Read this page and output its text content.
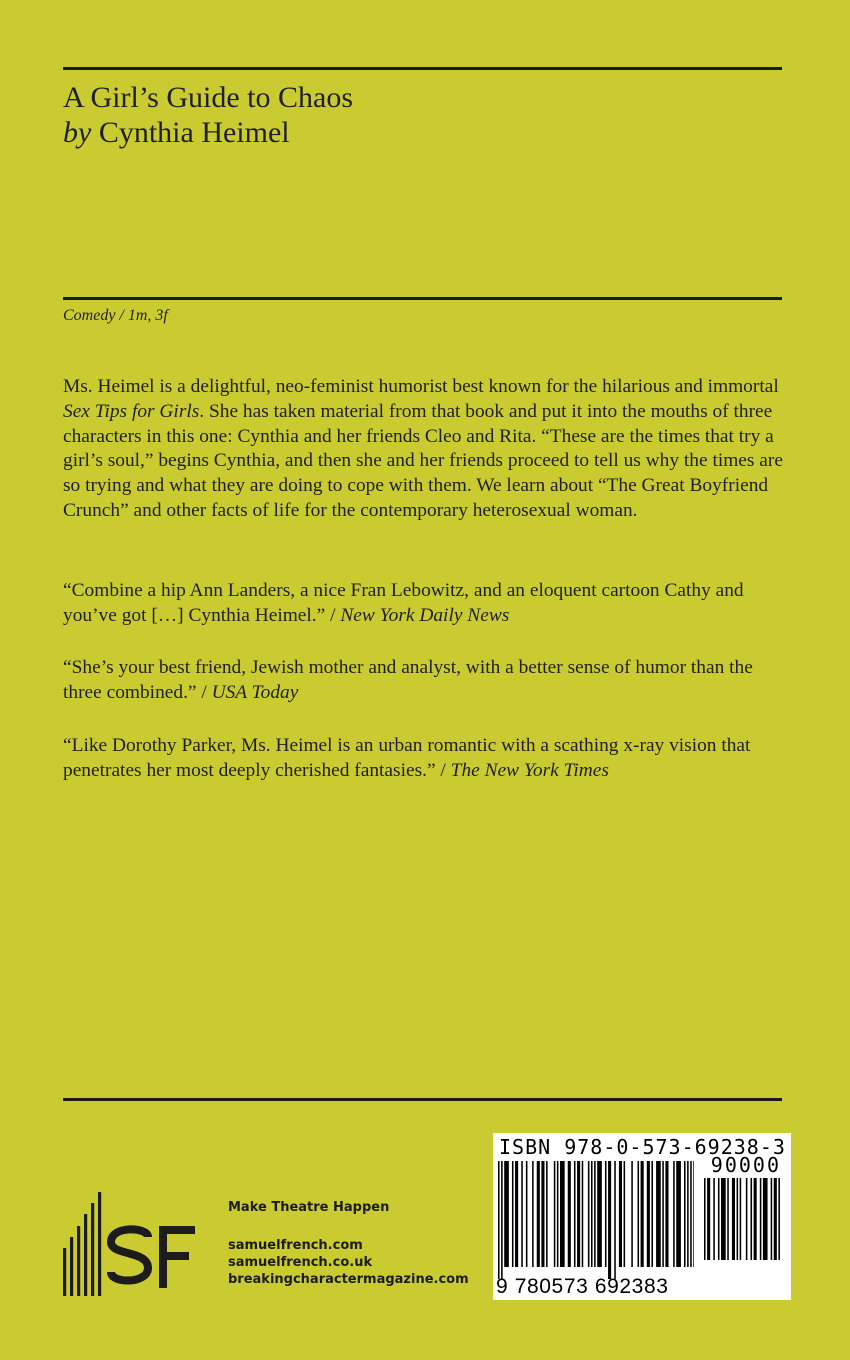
A Girl’s Guide to Chaos
by Cynthia Heimel
Comedy / 1m, 3f

Ms. Heimel is a delightful, neo-feminist humorist best known for the hilarious and immortal Sex Tips for Girls. She has taken material from that book and put it into the mouths of three characters in this one: Cynthia and her friends Cleo and Rita. “These are the times that try a girl’s soul,” begins Cynthia, and then she and her friends proceed to tell us why the times are so trying and what they are doing to cope with them. We learn about “The Great Boyfriend Crunch” and other facts of life for the contemporary heterosexual woman.

“Combine a hip Ann Landers, a nice Fran Lebowitz, and an eloquent cartoon Cathy and you’ve got […] Cynthia Heimel.” / New York Daily News

“She’s your best friend, Jewish mother and analyst, with a better sense of humor than the three combined.” / USA Today

“Like Dorothy Parker, Ms. Heimel is an urban romantic with a scathing x-ray vision that penetrates her most deeply cherished fantasies.” / The New York Times

Make Theatre Happen
samuelfrench.com
samuelfrench.co.uk
breakingcharactermagazine.com
ISBN 978-0-573-69238-3
90000
9 780573 692383
